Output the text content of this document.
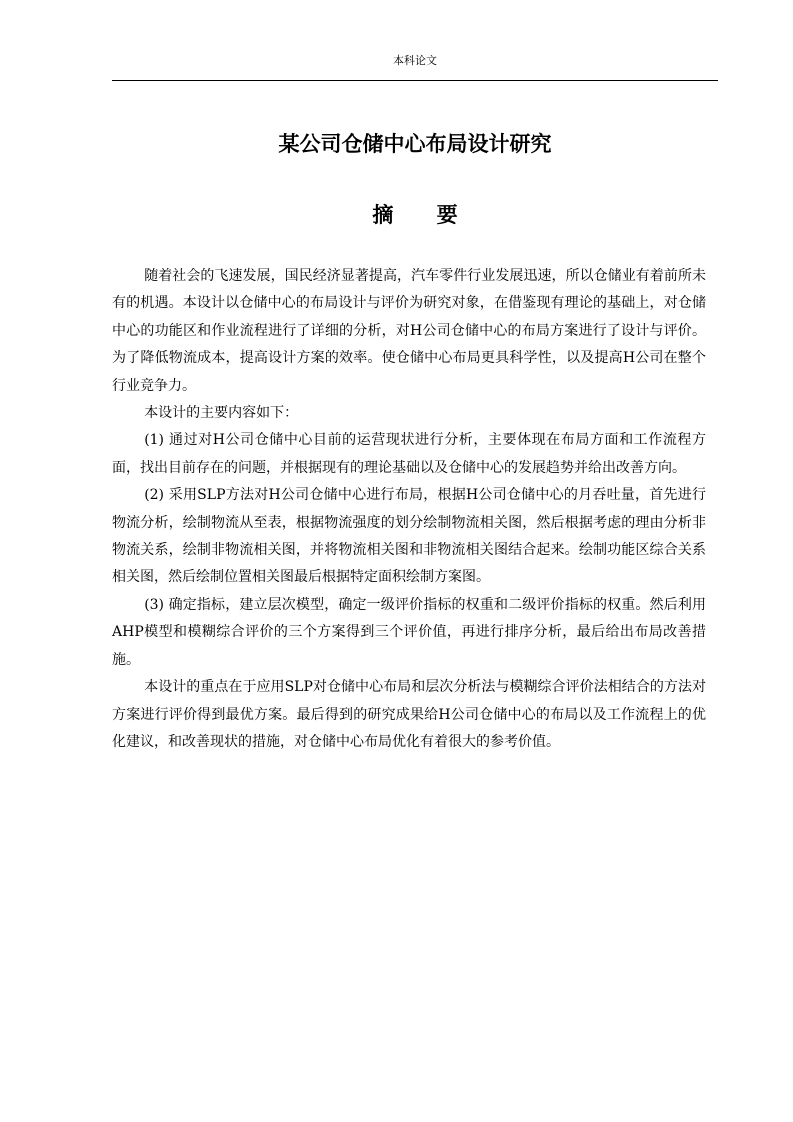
本科论文
某公司仓储中心布局设计研究
摘 要

随着社会的飞速发展，国民经济显著提高，汽车零件行业发展迅速，所以仓储业有着前所未有的机遇。本设计以仓储中心的布局设计与评价为研究对象，在借鉴现有理论的基础上，对仓储中心的功能区和作业流程进行了详细的分析，对H公司仓储中心的布局方案进行了设计与评价。为了降低物流成本，提高设计方案的效率。使仓储中心布局更具科学性，以及提高H公司在整个行业竞争力。

本设计的主要内容如下：

(1) 通过对H公司仓储中心目前的运营现状进行分析，主要体现在布局方面和工作流程方面，找出目前存在的问题，并根据现有的理论基础以及仓储中心的发展趋势并给出改善方向。

(2) 采用SLP方法对H公司仓储中心进行布局，根据H公司仓储中心的月吞吐量，首先进行物流分析，绘制物流从至表，根据物流强度的划分绘制物流相关图，然后根据考虑的理由分析非物流关系，绘制非物流相关图，并将物流相关图和非物流相关图结合起来。绘制功能区综合关系相关图，然后绘制位置相关图最后根据特定面积绘制方案图。

(3) 确定指标，建立层次模型，确定一级评价指标的权重和二级评价指标的权重。然后利用AHP模型和模糊综合评价的三个方案得到三个评价值，再进行排序分析，最后给出布局改善措施。

本设计的重点在于应用SLP对仓储中心布局和层次分析法与模糊综合评价法相结合的方法对方案进行评价得到最优方案。最后得到的研究成果给H公司仓储中心的布局以及工作流程上的优化建议，和改善现状的措施，对仓储中心布局优化有着很大的参考价值。
